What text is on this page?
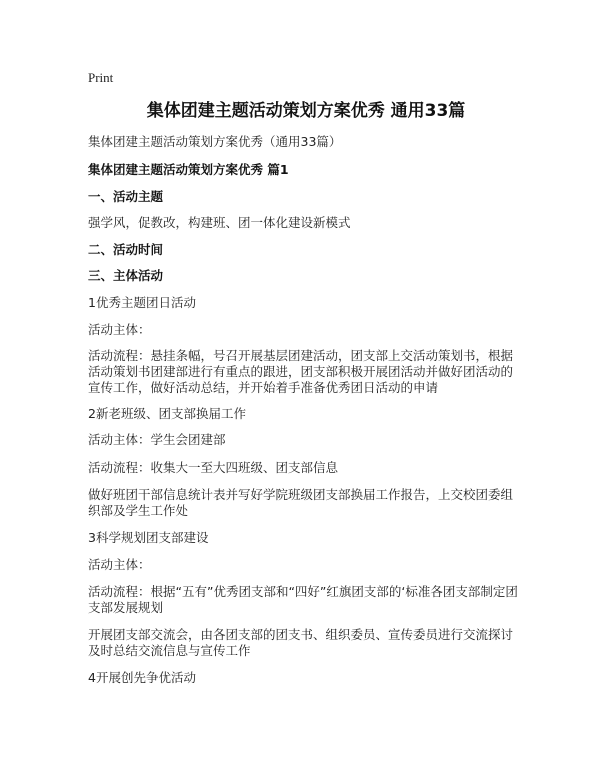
Print
集体团建主题活动策划方案优秀 通用33篇
集体团建主题活动策划方案优秀（通用33篇）
集体团建主题活动策划方案优秀 篇1
一、活动主题
强学风，促教改，构建班、团一体化建设新模式
二、活动时间
三、主体活动
1优秀主题团日活动
活动主体：
活动流程：悬挂条幅，号召开展基层团建活动，团支部上交活动策划书，根据活动策划书团建部进行有重点的跟进，团支部积极开展团活动并做好团活动的宣传工作，做好活动总结，并开始着手准备优秀团日活动的申请
2新老班级、团支部换届工作
活动主体：学生会团建部
活动流程：收集大一至大四班级、团支部信息
做好班团干部信息统计表并写好学院班级团支部换届工作报告，上交校团委组织部及学生工作处
3科学规划团支部建设
活动主体：
活动流程：根据“五有”优秀团支部和“四好”红旗团支部的‘标准各团支部制定团支部发展规划
开展团支部交流会，由各团支部的团支书、组织委员、宣传委员进行交流探讨及时总结交流信息与宣传工作
4开展创先争优活动
